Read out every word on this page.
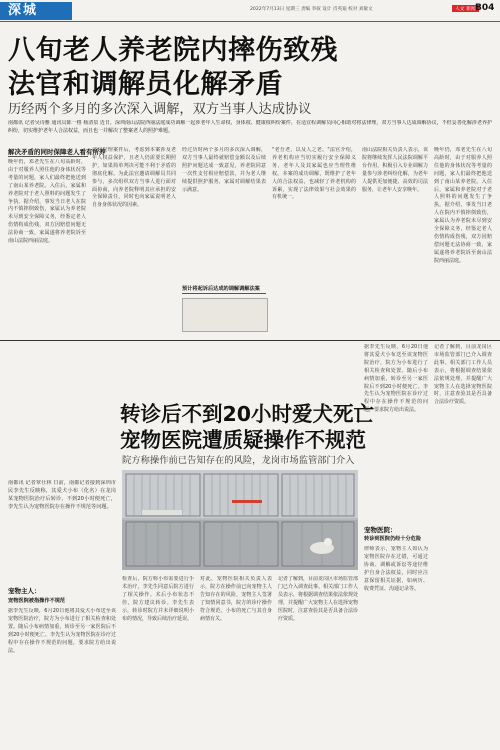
深城	2022年7月13日 星期三 责编 李叙 设计 肖英迪 校对 刘敏文	人文 新闻 B04
八旬老人养老院内摔伤致残
法官和调解员化解矛盾
历经两个多月的多次深入调解，双方当事人达成协议
南都讯 记者吴诗雅 通讯员陈一格 杨清泉 近日，深圳南山法院西丽法庭成功调解一起涉老年人生命权、身体权、健康权纠纷案件，在适宜程调解员同心相助对将法律理，双方当事人达成调解协议，不但妥善化解涉老养护纠纷，切实维护老年人合法权益，而且也一并解决了整案老人的照护难题。
解决矛盾的同时保障老人看有所养
晚年仍，邓老先生在八旬高龄时，由于对服养人照住他的身体状况等考量的问题，家人们最终把他送到了南山某养老院。入住后，家属和养老院对于老人照料的问题发生了争执。据介绍，事发当日老人在院内不慎摔倒致伤，家属认为养老院未尽到安全保障义务，经鉴定老人伤情构成伤残，双方因赔偿问题无法协商一致，家属遂将养老院诉至南山法院西丽法庭。
法官受理案件后，考虑到本案涉及老年人权益保护，且老人仍需要长期照护，如果简单判决可能不利于矛盾的彻底化解。为此法官邀请调解员共同参与，多次组织双方当事人进行面对面协商，向养老院释明其应承担的安全保障责任，同时也向家属说明老人自身身体状况的因素。
经过历时两个多月的多次深入调解，双方当事人最终就赔偿金额以及后续照护问题达成一致意见，养老院同意一次性支付相应赔偿款，并为老人继续提供照护服务，家属对调解结果表示满意。
预计将起诉后达成的调解调解法案
"老吾老，以及人之老。"法官介绍，养老机构应当切实履行安全保障义务，老年人及其家属也应当理性维权。本案的成功调解，既维护了老年人的合法权益，也减轻了养老机构的诉累，实现了法律效果与社会效果的有机统一。
南山法院相关负责人表示，该院将继续发挥人民法院调解平台作用，积极引入专业调解力量参与涉老纠纷化解，为老年人提供更加便捷、高效的司法服务，让老年人安享晚年。
晚年仍，邓老先生在八旬高龄时，由于对服养人照住他的身体状况等考量的问题，家人们最终把他送到了南山某养老院。入住后，家属和养老院对于老人照料的问题发生了争执。据介绍，事发当日老人在院内不慎摔倒致伤，家属认为养老院未尽到安全保障义务，经鉴定老人伤情构成伤残，双方因赔偿问题无法协商一致，家属遂将养老院诉至南山法院西丽法庭。
转诊后不到20小时爱犬死亡
宠物医院遭质疑操作不规范
院方称操作前已告知存在的风险，龙岗市场监管部门介入
南都讯 记者覃仕林 日前，南都记者接到深圳市民李先生反映称，其爱犬小布（化名）在龙岗某宠物医院治疗后转诊，不到20小时便死亡，李先生认为宠物医院存在操作不规范等问题。
宠物主人：
宠物医院被指操作不规范
据李先生反映，6月20日他将其爱犬小布送至该宠物医院治疗，院方为小布进行了相关检查和处置。随后小布病情加重，转诊至另一家医院后不到20小时便死亡。李先生认为宠物医院在诊疗过程中存在操作不规范的问题，要求院方给出说法。
检查后，院方称小布需要进行手术治疗，李先生同意后院方进行了相关操作。术后小布状态不佳，院方建议转诊。李先生表示，转诊时院方并未详细说明小布的情况，导致后续治疗延误。
对此，宠物医院相关负责人表示，院方在操作前已向宠物主人告知存在的风险，宠物主人签署了知情同意书，院方的诊疗操作符合规范，小布的死亡与其自身病情有关。
记者了解到，目前龙岗区市场监管部门已介入调查此事。相关部门工作人员表示，将根据调查结果依法依规处理，并提醒广大宠物主人在选择宠物医院时，注意查验其是否具备合法诊疗资质。
据李先生反映，6月20日他将其爱犬小布送至该宠物医院治疗，院方为小布进行了相关检查和处置。随后小布病情加重，转诊至另一家医院后不到20小时便死亡。李先生认为宠物医院在诊疗过程中存在操作不规范的问题，要求院方给出说法。
宠物医院：
转诊到医院仍经十分危险
律师表示，宠物主人如认为宠物医院存在过错，可通过协商、调解或诉讼等途径维护自身合法权益，同时应注意保留相关证据，如病历、收费凭证、沟通记录等。
记者了解到，目前龙岗区市场监管部门已介入调查此事。相关部门工作人员表示，将根据调查结果依法依规处理，并提醒广大宠物主人在选择宠物医院时，注意查验其是否具备合法诊疗资质。
